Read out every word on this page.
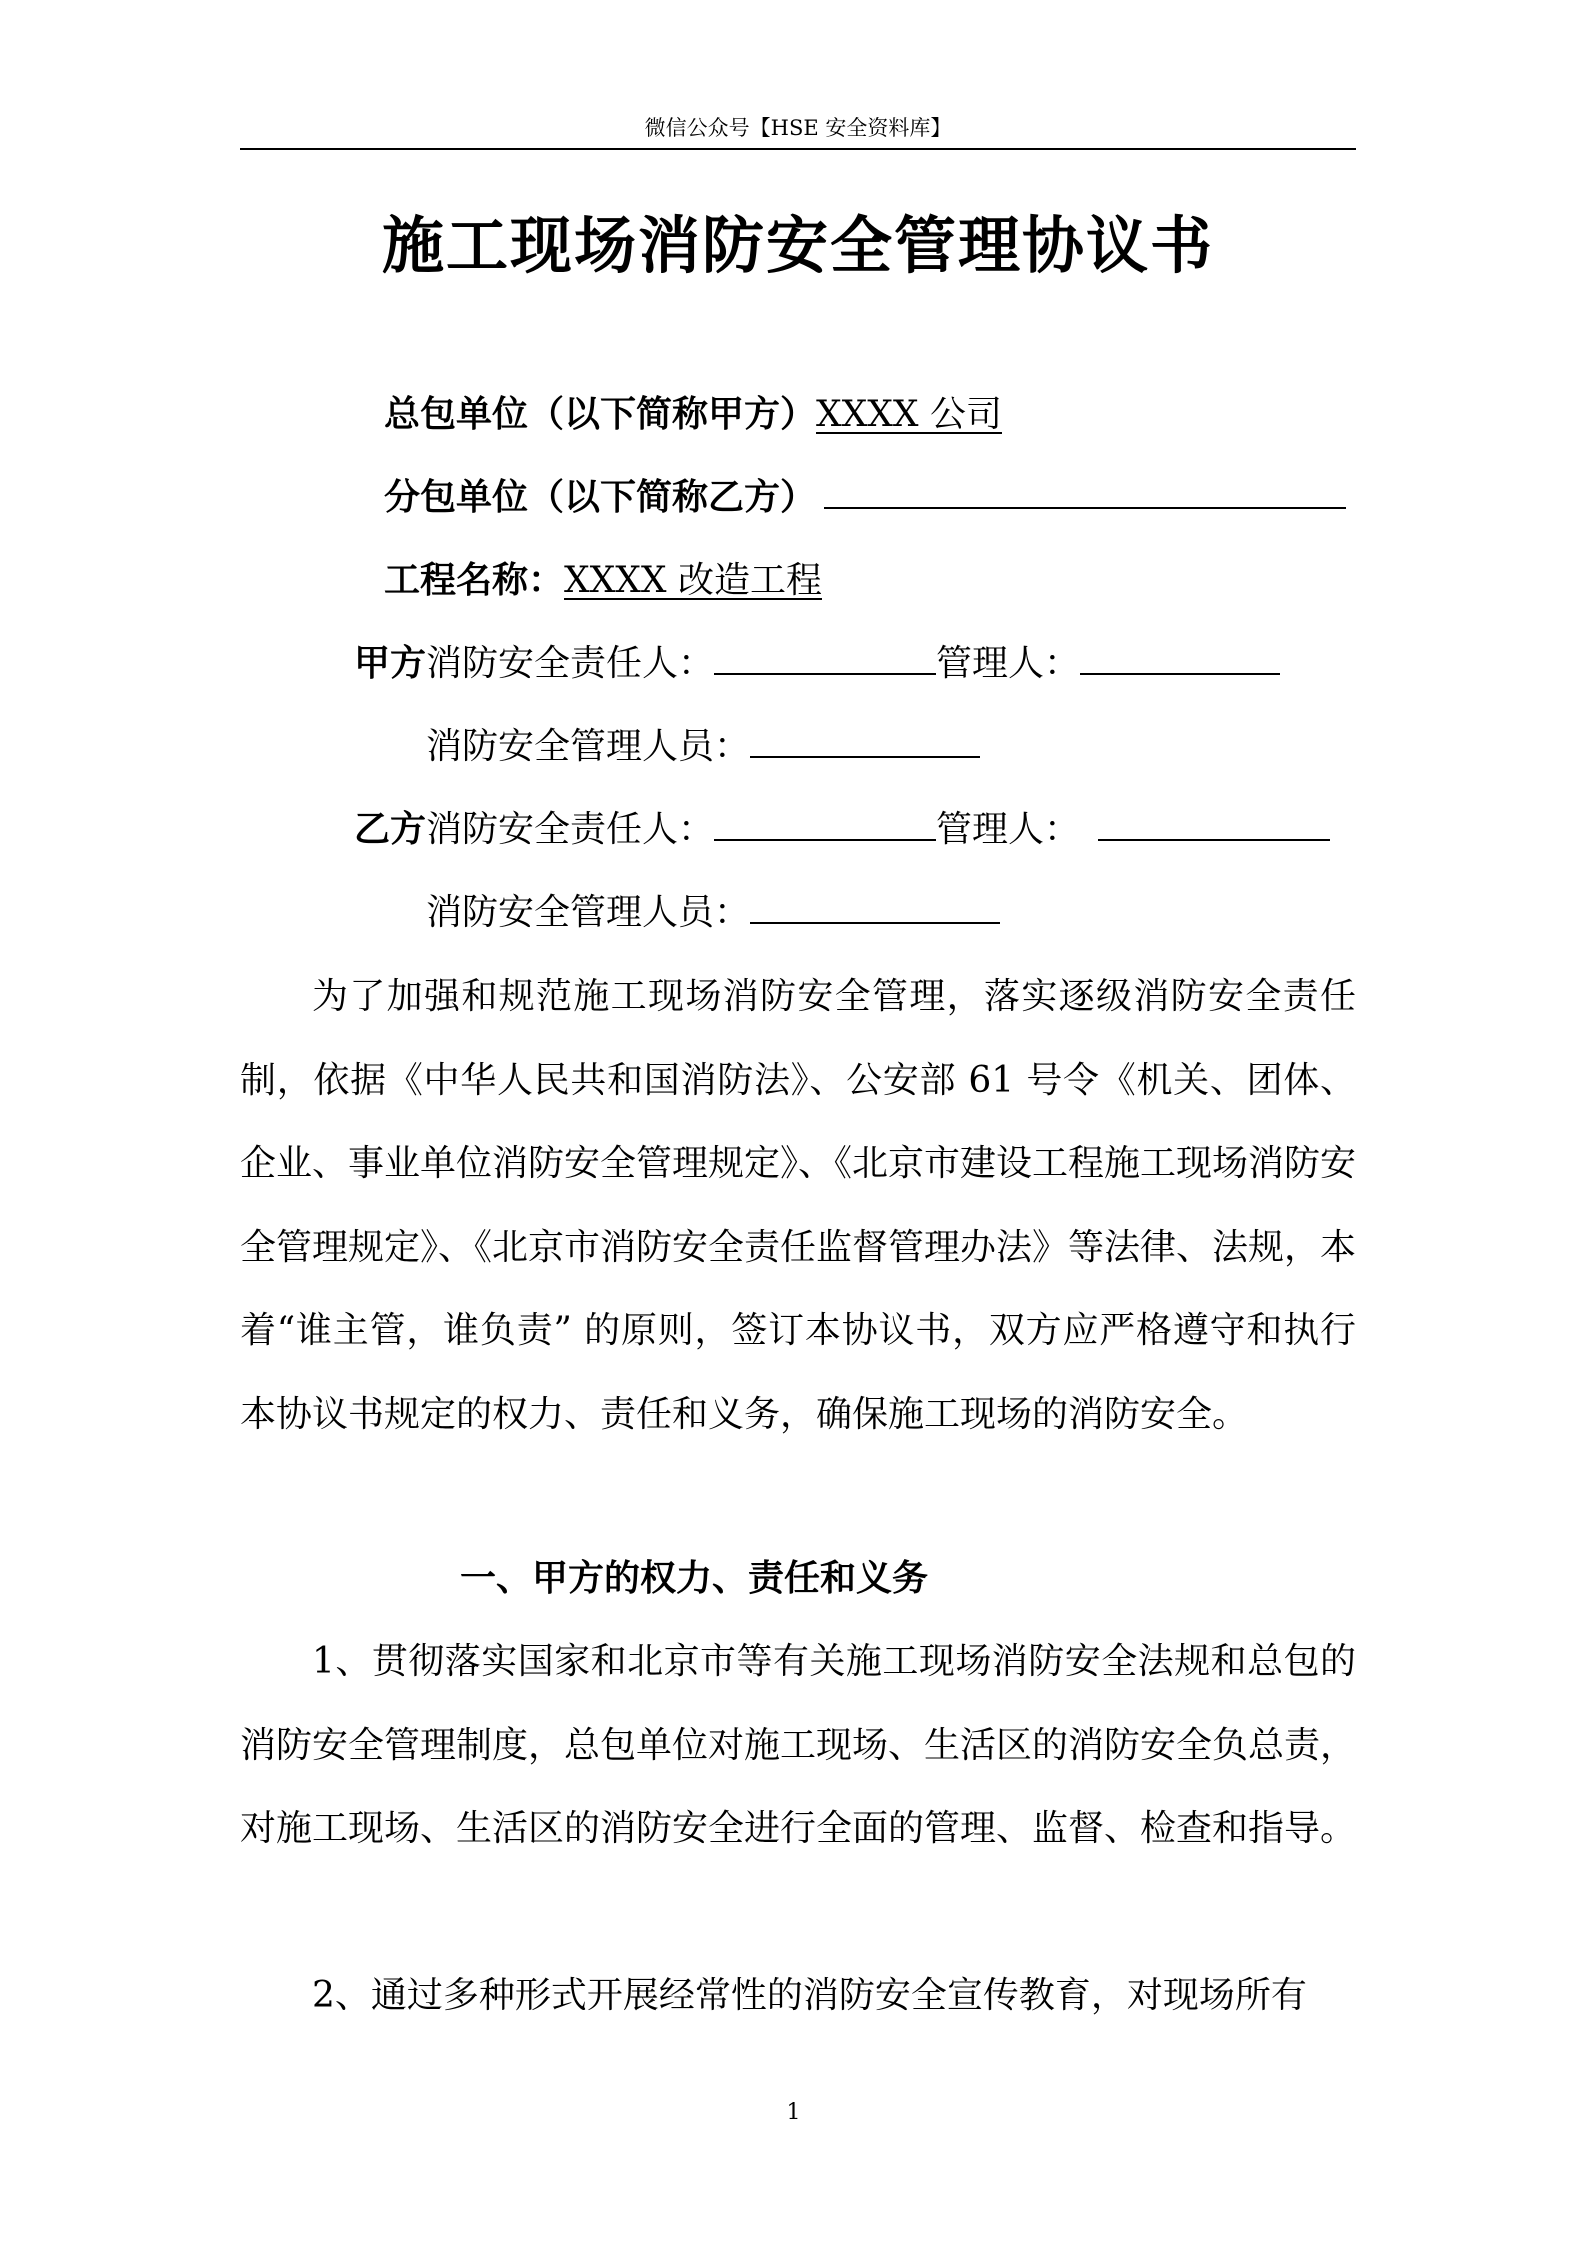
微信公众号【HSE 安全资料库】
施工现场消防安全管理协议书
总包单位（以下简称甲方）XXXX 公司
分包单位（以下简称乙方）
工程名称：XXXX 改造工程
甲方消防安全责任人：	管理人：
消防安全管理人员：
乙方消防安全责任人：	管理人：
消防安全管理人员：

为了加强和规范施工现场消防安全管理，落实逐级消防安全责任制，依据《中华人民共和国消防法》、公安部 61 号令《机关、团体、企业、事业单位消防安全管理规定》、《北京市建设工程施工现场消防安全管理规定》、《北京市消防安全责任监督管理办法》等法律、法规，本着“谁主管，谁负责” 的原则，签订本协议书，双方应严格遵守和执行本协议书规定的权力、责任和义务，确保施工现场的消防安全。

一、甲方的权力、责任和义务

1、贯彻落实国家和北京市等有关施工现场消防安全法规和总包的消防安全管理制度，总包单位对施工现场、生活区的消防安全负总责，对施工现场、生活区的消防安全进行全面的管理、监督、检查和指导。

2、通过多种形式开展经常性的消防安全宣传教育，对现场所有

1
